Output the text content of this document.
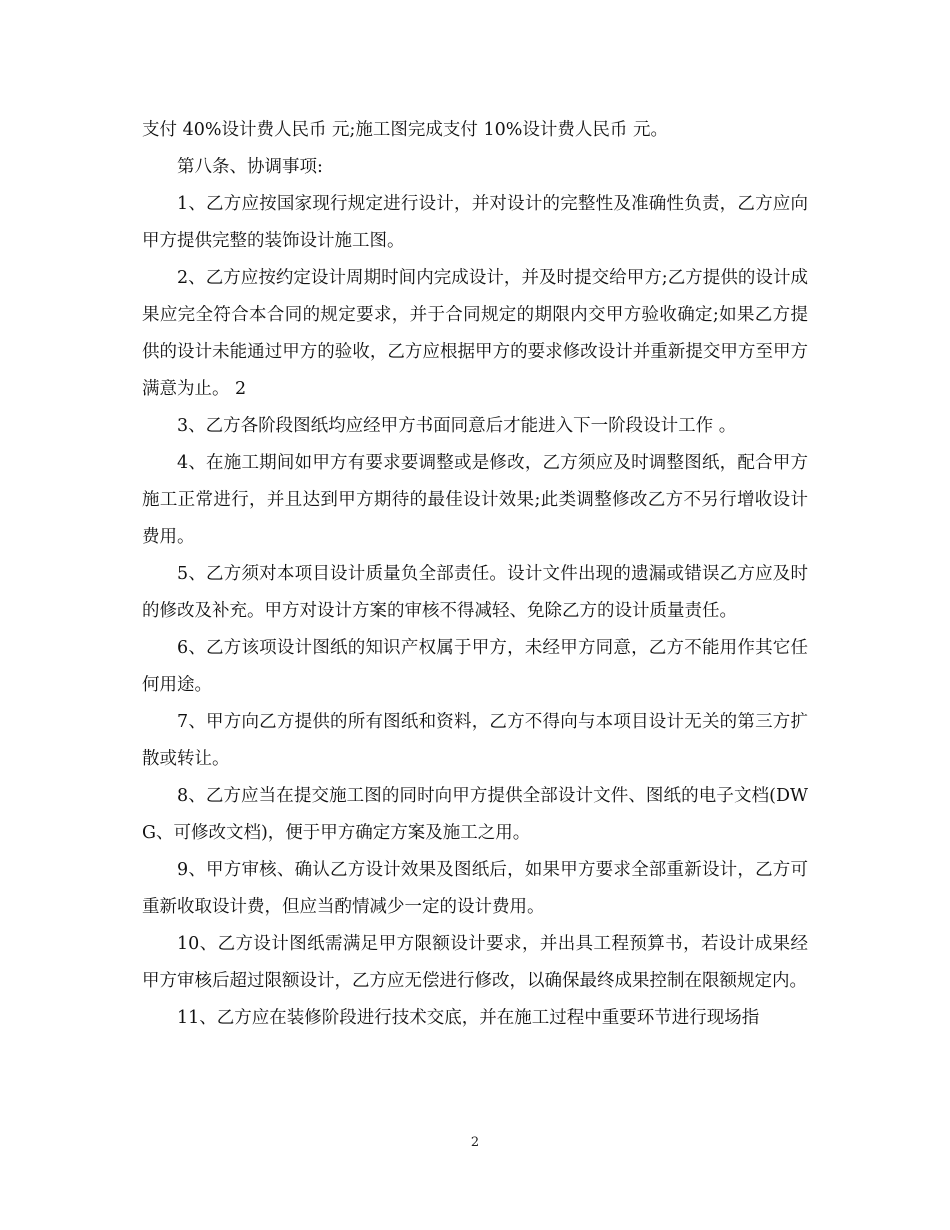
支付 40%设计费人民币 元;施工图完成支付 10%设计费人民币 元。

第八条、协调事项:

1、乙方应按国家现行规定进行设计，并对设计的完整性及准确性负责，乙方应向甲方提供完整的装饰设计施工图。

2、乙方应按约定设计周期时间内完成设计，并及时提交给甲方;乙方提供的设计成果应完全符合本合同的规定要求，并于合同规定的期限内交甲方验收确定;如果乙方提供的设计未能通过甲方的验收，乙方应根据甲方的要求修改设计并重新提交甲方至甲方满意为止。 2

3、乙方各阶段图纸均应经甲方书面同意后才能进入下一阶段设计工作 。

4、在施工期间如甲方有要求要调整或是修改，乙方须应及时调整图纸，配合甲方施工正常进行，并且达到甲方期待的最佳设计效果;此类调整修改乙方不另行增收设计费用。

5、乙方须对本项目设计质量负全部责任。设计文件出现的遗漏或错误乙方应及时的修改及补充。甲方对设计方案的审核不得减轻、免除乙方的设计质量责任。

6、乙方该项设计图纸的知识产权属于甲方，未经甲方同意，乙方不能用作其它任何用途。

7、甲方向乙方提供的所有图纸和资料，乙方不得向与本项目设计无关的第三方扩散或转让。

8、乙方应当在提交施工图的同时向甲方提供全部设计文件、图纸的电子文档(DWG、可修改文档)，便于甲方确定方案及施工之用。

9、甲方审核、确认乙方设计效果及图纸后，如果甲方要求全部重新设计，乙方可重新收取设计费，但应当酌情减少一定的设计费用。

10、乙方设计图纸需满足甲方限额设计要求，并出具工程预算书，若设计成果经甲方审核后超过限额设计，乙方应无偿进行修改，以确保最终成果控制在限额规定内。

11、乙方应在装修阶段进行技术交底，并在施工过程中重要环节进行现场指

2
